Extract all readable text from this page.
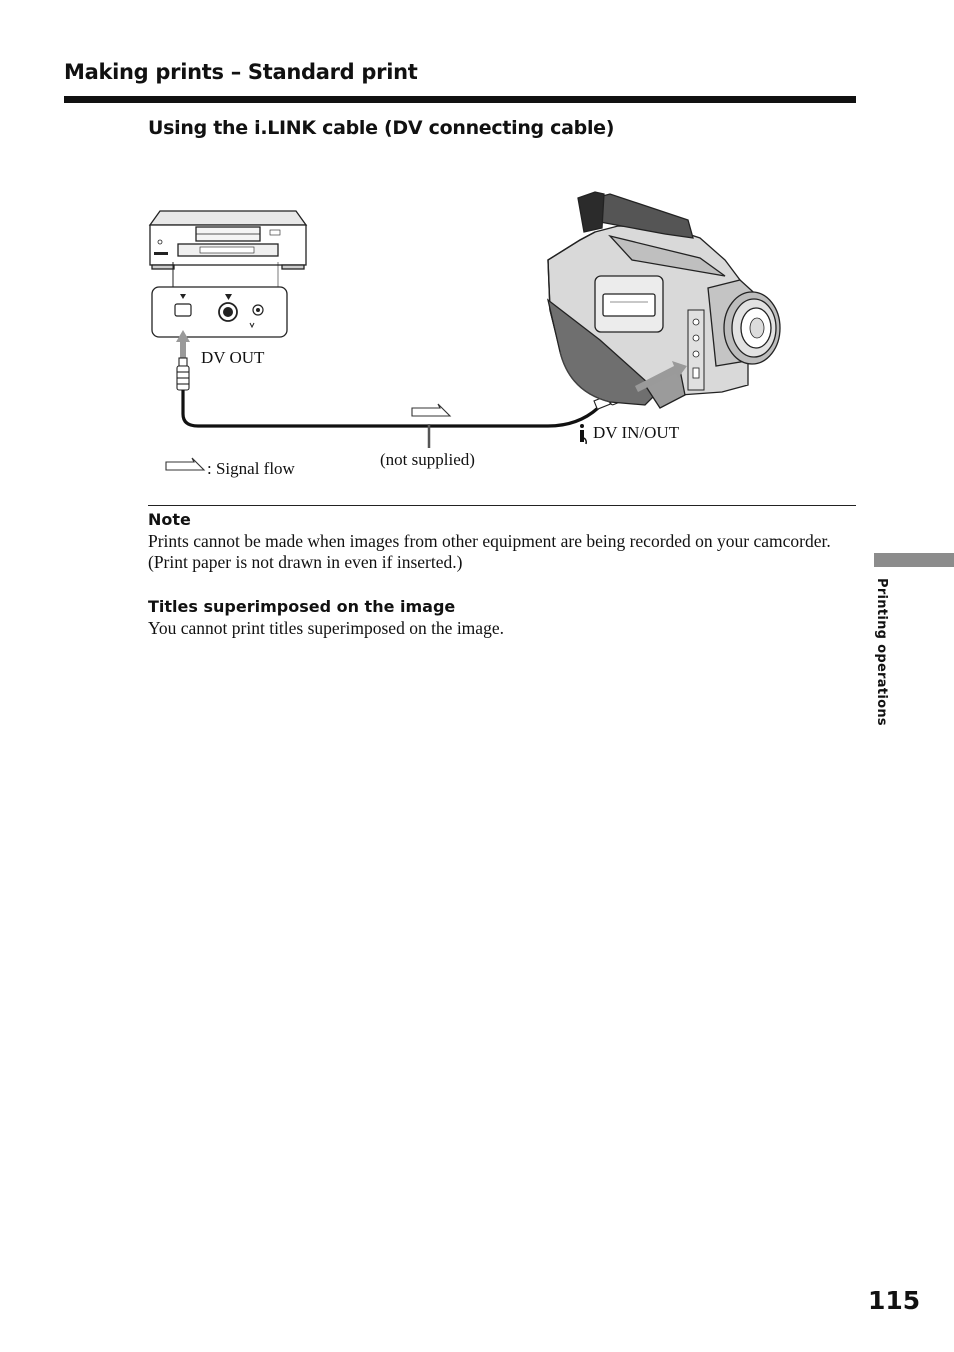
Making prints – Standard print
Using the i.LINK cable (DV connecting cable)
DV OUT
DV IN/OUT
(not supplied)
: Signal flow
Note
Prints cannot be made when images from other equipment are being recorded on your camcorder. (Print paper is not drawn in even if inserted.)
Titles superimposed on the image
You cannot print titles superimposed on the image.	Printing operations
115
